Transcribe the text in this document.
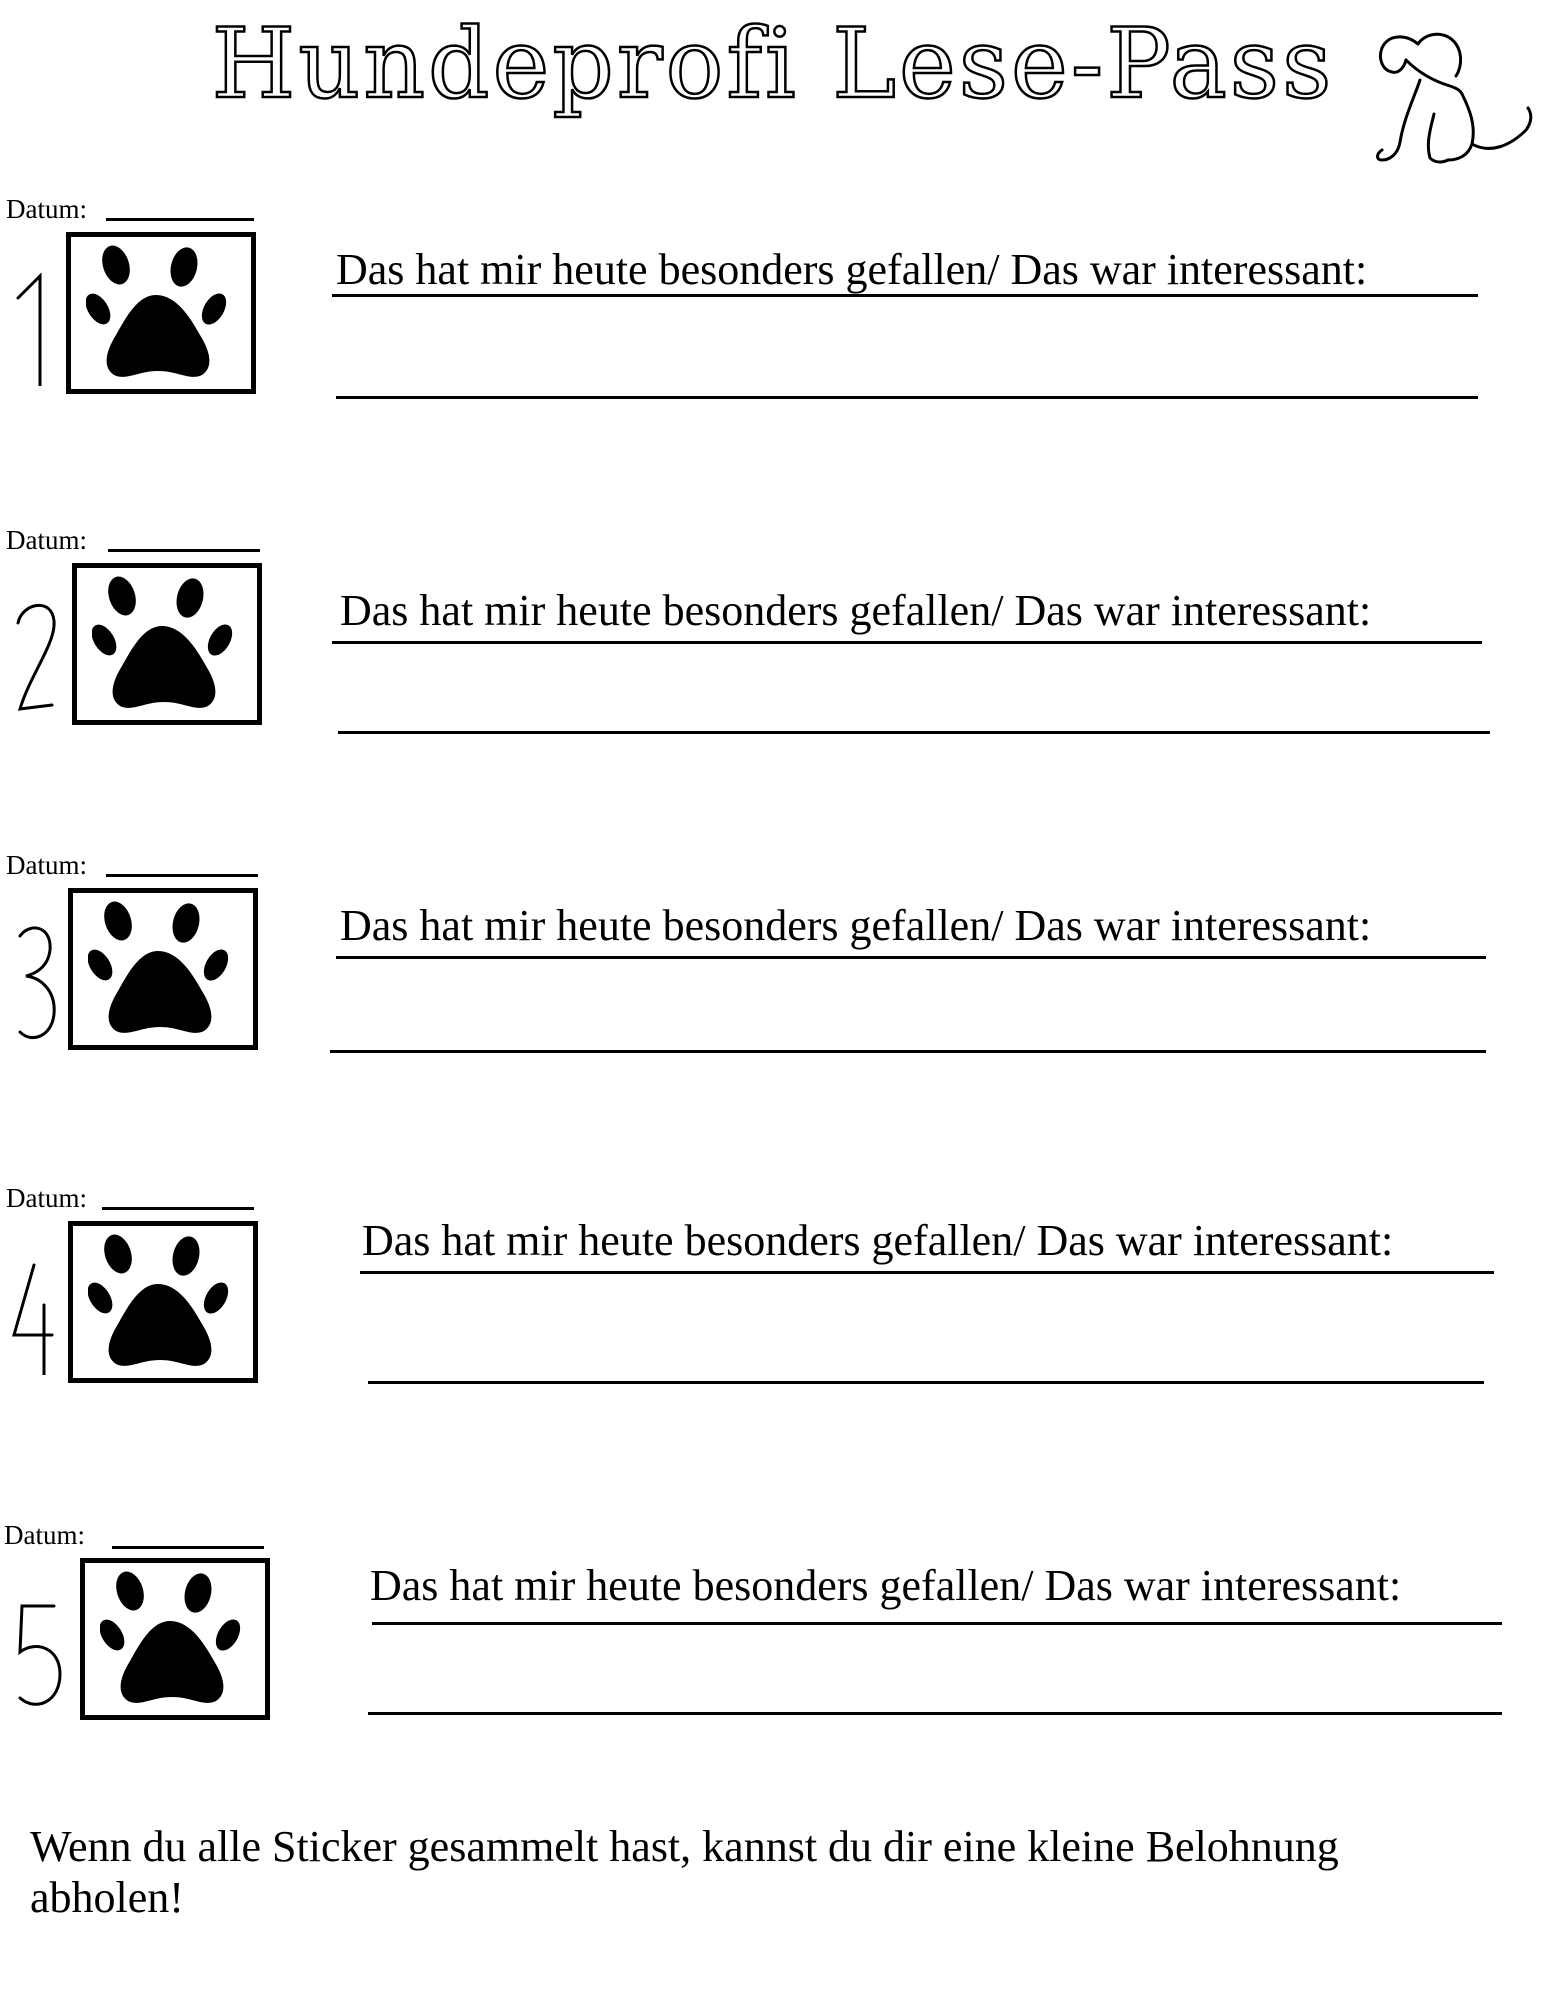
Hundeprofi Lese-Pass
Datum:
Das hat mir heute besonders gefallen/ Das war interessant:
Datum:
Das hat mir heute besonders gefallen/ Das war interessant:
Datum:
Das hat mir heute besonders gefallen/ Das war interessant:
Datum:
Das hat mir heute besonders gefallen/ Das war interessant:
Datum:
Das hat mir heute besonders gefallen/ Das war interessant:
Wenn du alle Sticker gesammelt hast, kannst du dir eine kleine Belohnung abholen!
